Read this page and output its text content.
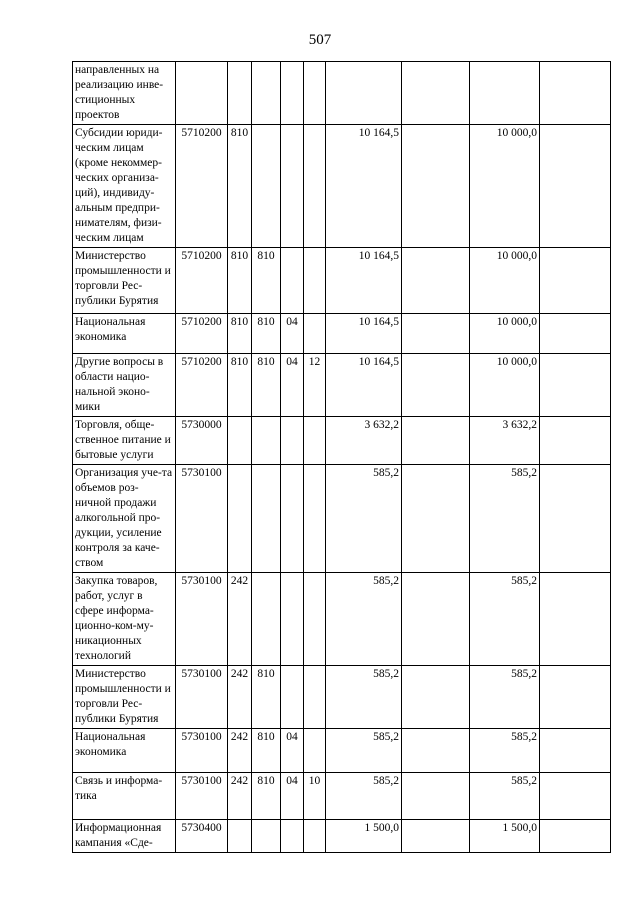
507
направленных на реализацию инве-стиционных проектов									
Субсидии юриди-ческим лицам (кроме некоммер-ческих организа-ций), индивиду-альным предпри-нимателям, физи-ческим лицам	5710200	810				10 164,5		10 000,0	
Министерство промышленности и торговли Рес-публики Бурятия	5710200	810	810			10 164,5		10 000,0	
Национальная экономика	5710200	810	810	04		10 164,5		10 000,0	
Другие вопросы в области нацио-нальной эконо-мики	5710200	810	810	04	12	10 164,5		10 000,0	
Торговля, обще-ственное питание и бытовые услуги	5730000					3 632,2		3 632,2	
Организация уче-та объемов роз-ничной продажи алкогольной про-дукции, усиление контроля за каче-ством	5730100					585,2		585,2	
Закупка товаров, работ, услуг в сфере информа-ционно-ком-му-никационных технологий	5730100	242				585,2		585,2	
Министерство промышленности и торговли Рес-публики Бурятия	5730100	242	810			585,2		585,2	
Национальная экономика	5730100	242	810	04		585,2		585,2	
Связь и информа-тика	5730100	242	810	04	10	585,2		585,2	
Информационная кампания «Сде-	5730400					1 500,0		1 500,0	
